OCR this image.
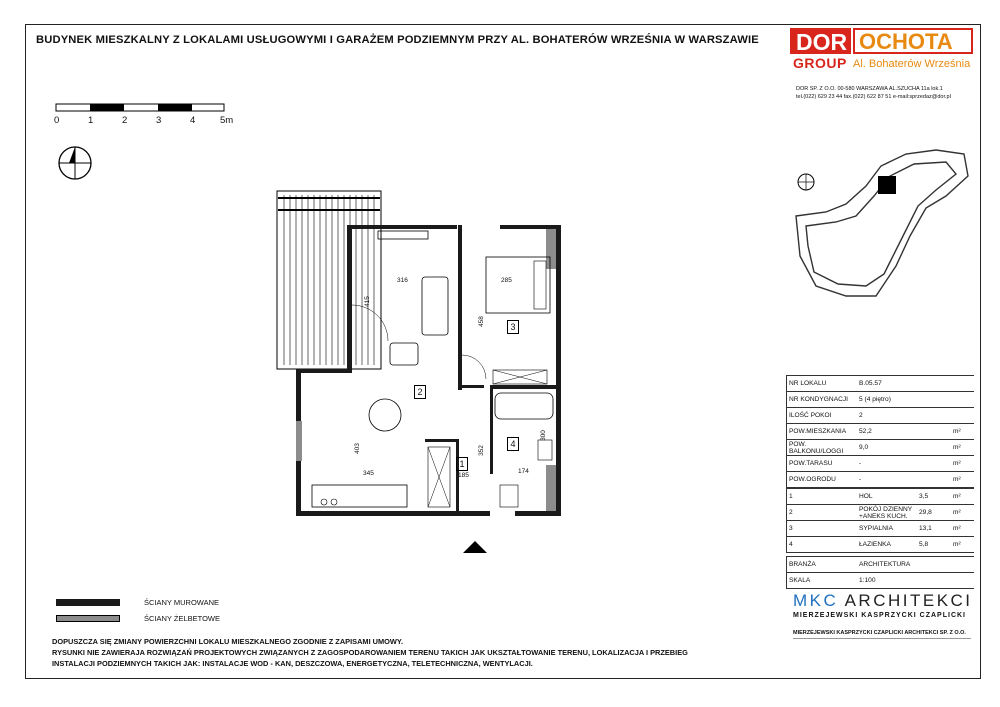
BUDYNEK MIESZKALNY Z LOKALAMI USŁUGOWYMI I GARAŻEM PODZIEMNYM PRZY AL. BOHATERÓW WRZEŚNIA W WARSZAWIE DOR OCHOTA
GROUP Al. Bohaterów Września
DOR SP. Z O.O. 00-580 WARSZAWA AL.SZUCHA 11a lok.1
tel.(022) 629 23 44 fax.(022) 622 87 51 e-mail:sprzedaz@dor.pl
0	1	2	3	4	5m
2
3
1
4
316
415
285
458
403
345	185
352
300
174
NR LOKALU	B.05.57	
NR KONDYGNACJI	5 (4 piętro)	
ILOŚĆ POKOI	2	
POW.MIESZKANIA	52,2	m²
POW. BALKONU/LOGGI	9,0	m²
POW.TARASU	-	m²
POW.OGRODU	-	m²
1	HOL	3,5	m²
2	POKÓJ DZIENNY +ANEKS KUCH.	29,8	m²
3	SYPIALNIA	13,1	m²
4	ŁAZIENKA	5,8	m²
BRANŻA	ARCHITEKTURA
SKALA	1:100
MKC ARCHITEKCI
MIERZEJEWSKI KASPRZYCKI CZAPLICKI
MIERZEJEWSKI KASPRZYCKI CZAPLICKI ARCHITEKCI SP. Z O.O.
ŚCIANY MUROWANE
ŚCIANY ŻELBETOWE
DOPUSZCZA SIĘ ZMIANY POWIERZCHNI LOKALU MIESZKALNEGO ZGODNIE Z ZAPISAMI UMOWY.
RYSUNKI NIE ZAWIERAJA ROZWIĄZAŃ PROJEKTOWYCH ZWIĄZANYCH Z ZAGOSPODAROWANIEM TERENU TAKICH JAK UKSZTAŁTOWANIE TERENU, LOKALIZACJA I PRZEBIEG
INSTALACJI PODZIEMNYCH TAKICH JAK: INSTALACJE WOD - KAN, DESZCZOWA, ENERGETYCZNA, TELETECHNICZNA, WENTYLACJI.
